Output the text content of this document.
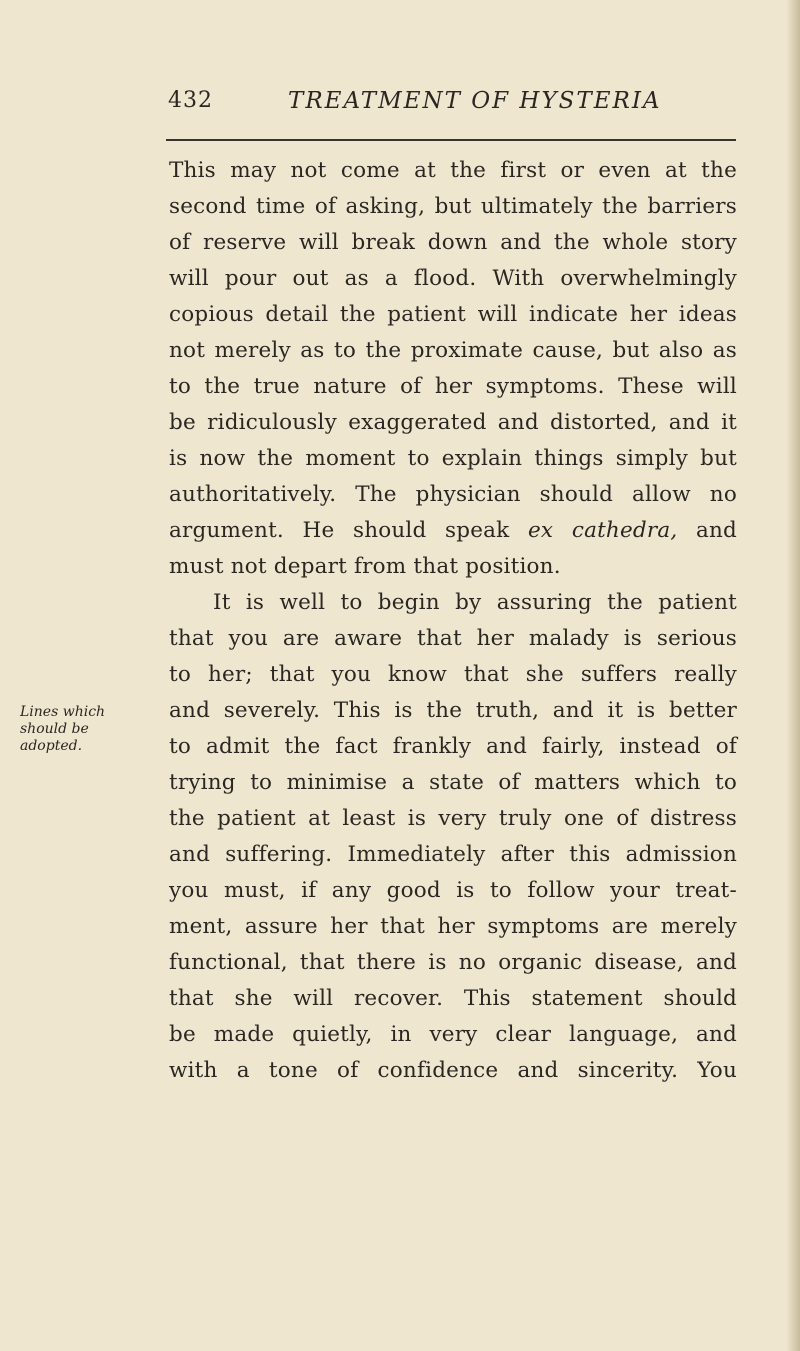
432	TREATMENT OF HYSTERIA
Lines which
should be
adopted.
This may not come at the first or even at the
second time of asking, but ultimately the barriers
of reserve will break down and the whole story
will pour out as a flood. With overwhelmingly
copious detail the patient will indicate her ideas
not merely as to the proximate cause, but also as
to the true nature of her symptoms. These will
be ridiculously exaggerated and distorted, and it
is now the moment to explain things simply but
authoritatively. The physician should allow no
argument. He should speak ex cathedra, and
must not depart from that position.
It is well to begin by assuring the patient
that you are aware that her malady is serious
to her; that you know that she suffers really
and severely. This is the truth, and it is better
to admit the fact frankly and fairly, instead of
trying to minimise a state of matters which to
the patient at least is very truly one of distress
and suffering. Immediately after this admission
you must, if any good is to follow your treat-
ment, assure her that her symptoms are merely
functional, that there is no organic disease, and
that she will recover. This statement should
be made quietly, in very clear language, and
with a tone of confidence and sincerity. You
